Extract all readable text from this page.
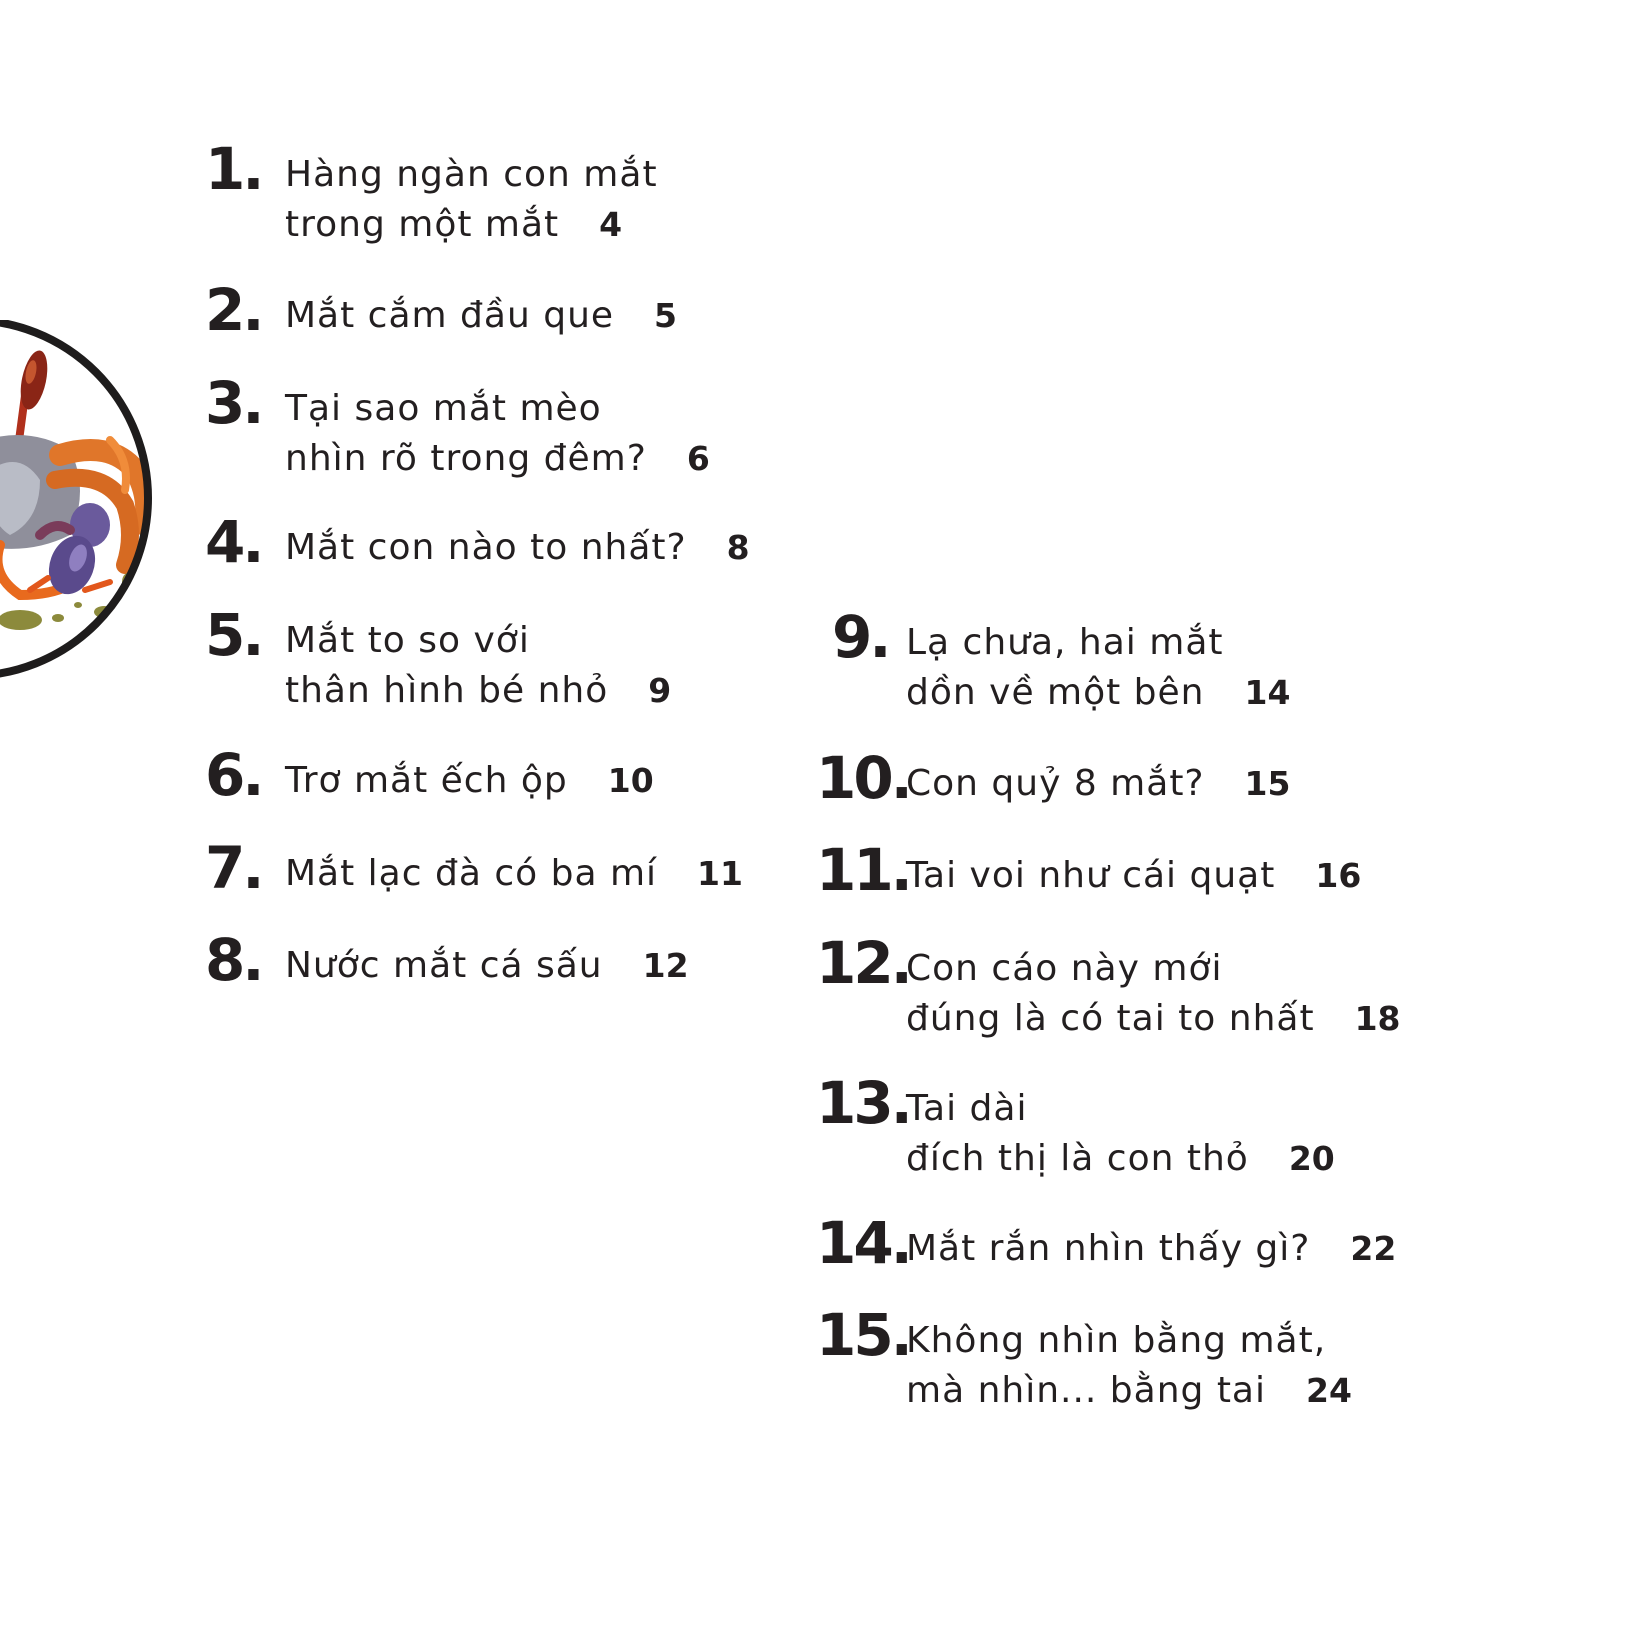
1. Hàng ngàn con mắt
trong một mắt 4
2. Mắt cắm đầu que 5
3. Tại sao mắt mèo
nhìn rõ trong đêm? 6
4. Mắt con nào to nhất? 8
5. Mắt to so với
thân hình bé nhỏ 9
6. Trơ mắt ếch ộp 10
7. Mắt lạc đà có ba mí 11
8. Nước mắt cá sấu 12
9. Lạ chưa, hai mắt
dồn về một bên 14
10.
Con quỷ 8 mắt? 15
11.
Tai voi như cái quạt 16
12.
Con cáo này mới
đúng là có tai to nhất 18
13.
Tai dài
đích thị là con thỏ 20
14.
Mắt rắn nhìn thấy gì? 22
15.
Không nhìn bằng mắt,
mà nhìn... bằng tai 24
